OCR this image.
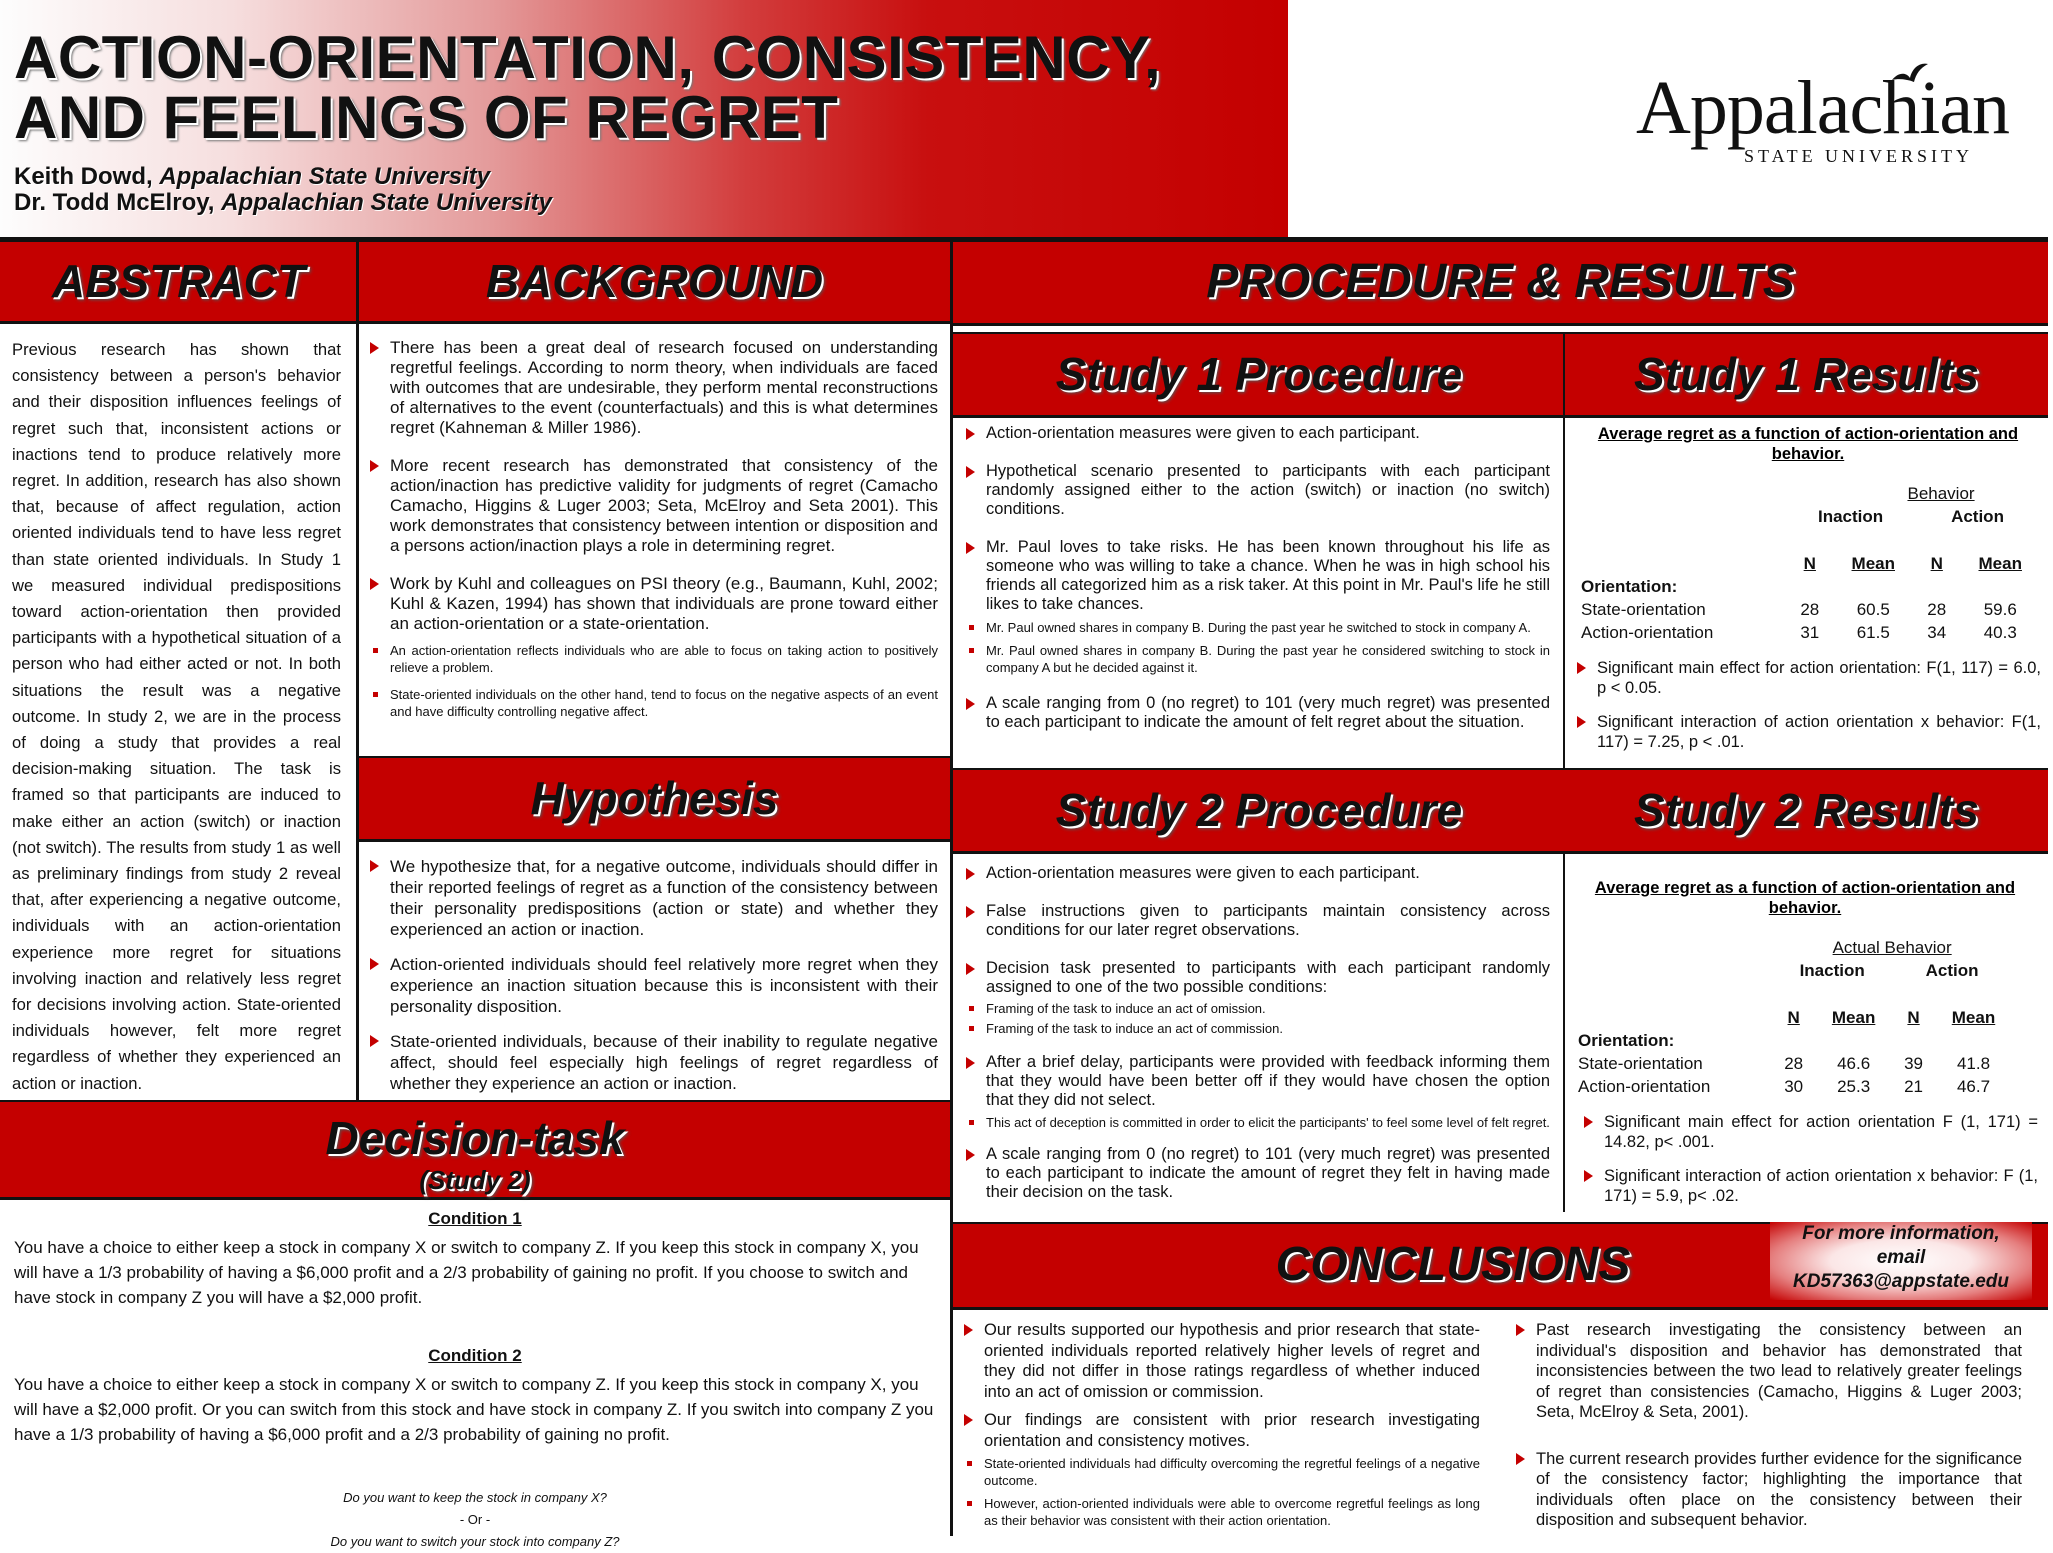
ACTION-ORIENTATION, CONSISTENCY,
AND FEELINGS OF REGRET
Keith Dowd, Appalachian State University
Dr. Todd McElroy, Appalachian State University
Appalachian
STATE UNIVERSITY
ABSTRACT
Previous research has shown that consistency between a person's behavior and their disposition influences feelings of regret such that, inconsistent actions or inactions tend to produce relatively more regret. In addition, research has also shown that, because of affect regulation, action oriented individuals tend to have less regret than state oriented individuals. In Study 1 we measured individual predispositions toward action-orientation then provided participants with a hypothetical situation of a person who had either acted or not. In both situations the result was a negative outcome. In study 2, we are in the process of doing a study that provides a real decision-making situation. The task is framed so that participants are induced to make either an action (switch) or inaction (not switch). The results from study 1 as well as preliminary findings from study 2 reveal that, after experiencing a negative outcome, individuals with an action-orientation experience more regret for situations involving inaction and relatively less regret for decisions involving action. State-oriented individuals however, felt more regret regardless of whether they experienced an action or inaction.
BACKGROUND
There has been a great deal of research focused on understanding regretful feelings. According to norm theory, when individuals are faced with outcomes that are undesirable, they perform mental reconstructions of alternatives to the event (counterfactuals) and this is what determines regret (Kahneman & Miller 1986).
More recent research has demonstrated that consistency of the action/inaction has predictive validity for judgments of regret (Camacho Camacho, Higgins & Luger 2003; Seta, McElroy and Seta 2001). This work demonstrates that consistency between intention or disposition and a persons action/inaction plays a role in determining regret.
Work by Kuhl and colleagues on PSI theory (e.g., Baumann, Kuhl, 2002; Kuhl & Kazen, 1994) has shown that individuals are prone toward either an action-orientation or a state-orientation.
An action-orientation reflects individuals who are able to focus on taking action to positively relieve a problem.
State-oriented individuals on the other hand, tend to focus on the negative aspects of an event and have difficulty controlling negative affect.
Hypothesis
We hypothesize that, for a negative outcome, individuals should differ in their reported feelings of regret as a function of the consistency between their personality predispositions (action or state) and whether they experienced an action or inaction.
Action-oriented individuals should feel relatively more regret when they experience an inaction situation because this is inconsistent with their personality disposition.
State-oriented individuals, because of their inability to regulate negative affect, should feel especially high feelings of regret regardless of whether they experience an action or inaction.
Decision-task
(Study 2)
Condition 1
You have a choice to either keep a stock in company X or switch to company Z. If you keep this stock in company X, you will have a 1/3 probability of having a $6,000 profit and a 2/3 probability of gaining no profit. If you choose to switch and have stock in company Z you will have a $2,000 profit.
Condition 2
You have a choice to either keep a stock in company X or switch to company Z. If you keep this stock in company X, you will have a $2,000 profit. Or you can switch from this stock and have stock in company Z. If you switch into company Z you have a 1/3 probability of having a $6,000 profit and a 2/3 probability of gaining no profit.
Do you want to keep the stock in company X?
- Or -
Do you want to switch your stock into company Z?
PROCEDURE & RESULTS
Study 1 Procedure
Action-orientation measures were given to each participant.
Hypothetical scenario presented to participants with each participant randomly assigned either to the action (switch) or inaction (no switch) conditions.
Mr. Paul loves to take risks. He has been known throughout his life as someone who was willing to take a chance. When he was in high school his friends all categorized him as a risk taker. At this point in Mr. Paul's life he still likes to take chances.
Mr. Paul owned shares in company B. During the past year he switched to stock in company A.
Mr. Paul owned shares in company B. During the past year he considered switching to stock in company A but he decided against it.
A scale ranging from 0 (no regret) to 101 (very much regret) was presented to each participant to indicate the amount of felt regret about the situation.
Study 1 Results
Average regret as a function of action-orientation and behavior.
	Behavior			
	Inaction		Action	

	N	Mean	N	Mean
Orientation:				
State-orientation	28	60.5	28	59.6
Action-orientation	31	61.5	34	40.3
Significant main effect for action orientation: F(1, 117) = 6.0, p < 0.05.
Significant interaction of action orientation x behavior: F(1, 117) = 7.25, p < .01.
Study 2 Procedure
Action-orientation measures were given to each participant.
False instructions given to participants maintain consistency across conditions for our later regret observations.
Decision task presented to participants with each participant randomly assigned to one of the two possible conditions:
Framing of the task to induce an act of omission.
Framing of the task to induce an act of commission.
After a brief delay, participants were provided with feedback informing them that they would have been better off if they would have chosen the option that they did not select.
This act of deception is committed in order to elicit the participants' to feel some level of felt regret.
A scale ranging from 0 (no regret) to 101 (very much regret) was presented to each participant to indicate the amount of regret they felt in having made their decision on the task.
Study 2 Results
Average regret as a function of action-orientation and behavior.
	Actual Behavior			
	Inaction		Action	

	N	Mean	N	Mean
Orientation:				
State-orientation	28	46.6	39	41.8
Action-orientation	30	25.3	21	46.7
Significant main effect for action orientation F (1, 171) = 14.82, p< .001.
Significant interaction of action orientation x behavior: F (1, 171) = 5.9, p< .02.
CONCLUSIONS
For more information,
email
KD57363@appstate.edu
Our results supported our hypothesis and prior research that state-oriented individuals reported relatively higher levels of regret and they did not differ in those ratings regardless of whether induced into an act of omission or commission.
Our findings are consistent with prior research investigating orientation and consistency motives.
State-oriented individuals had difficulty overcoming the regretful feelings of a negative outcome.
However, action-oriented individuals were able to overcome regretful feelings as long as their behavior was consistent with their action orientation.
Past research investigating the consistency between an individual's disposition and behavior has demonstrated that inconsistencies between the two lead to relatively greater feelings of regret than consistencies (Camacho, Higgins & Luger 2003; Seta, McElroy & Seta, 2001).
The current research provides further evidence for the significance of the consistency factor; highlighting the importance that individuals often place on the consistency between their disposition and subsequent behavior.
